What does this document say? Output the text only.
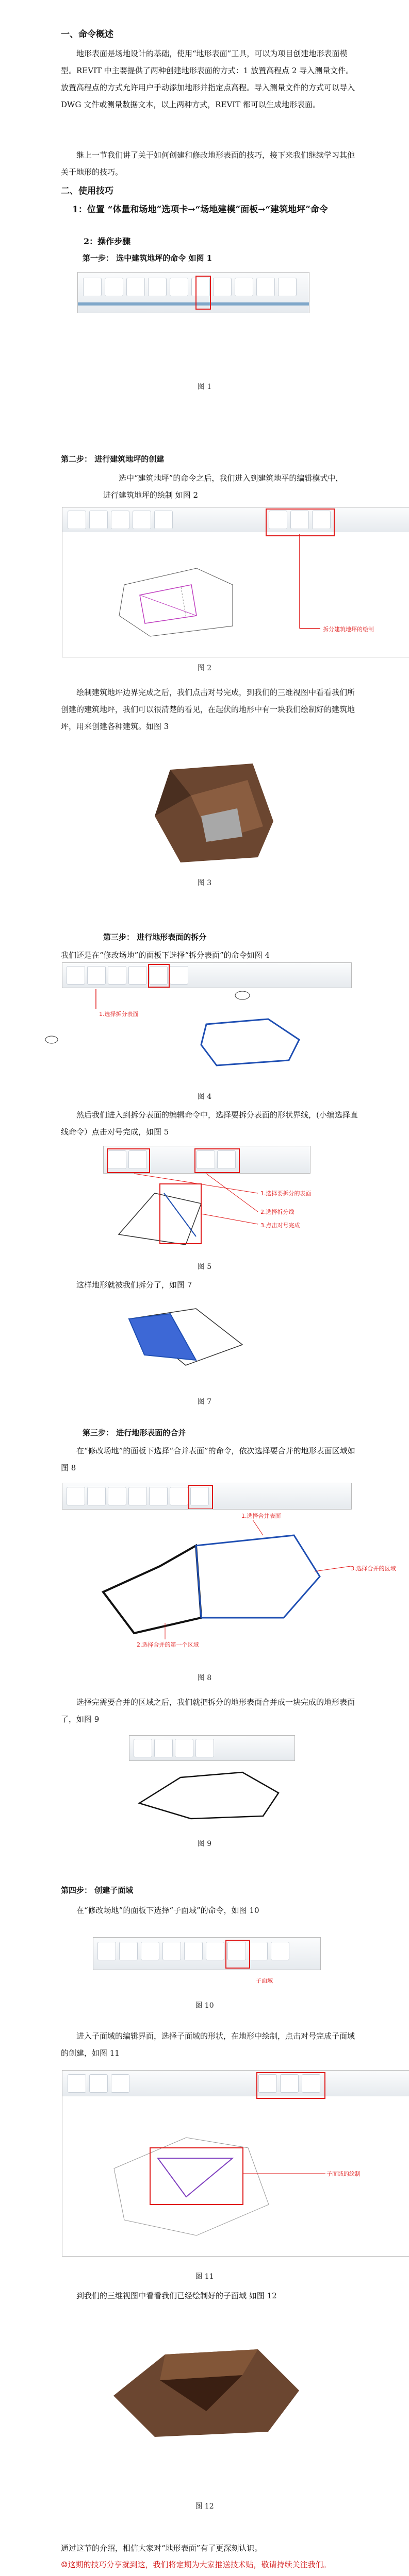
一、命令概述
地形表面是场地设计的基础，使用“地形表面”工具，可以为项目创建地形表面模型。REVIT 中主要提供了两种创建地形表面的方式：1 放置高程点 2 导入测量文件。放置高程点的方式允许用户手动添加地形并指定点高程。导入测量文件的方式可以导入 DWG 文件或测量数据文本，以上两种方式，REVIT 都可以生成地形表面。
继上一节我们讲了关于如何创建和修改地形表面的技巧，接下来我们继续学习其他关于地形的技巧。
二、使用技巧
1：位置 “体量和场地”选项卡→“场地建模”面板→“建筑地坪”命令
2：操作步骤
第一步： 选中建筑地坪的命令 如图 1
图 1
第二步： 进行建筑地坪的创建
选中“建筑地坪”的命令之后，我们进入到建筑地平的编辑模式中，进行建筑地坪的绘制 如图 2
拆分建筑地坪的绘制
图 2
绘制建筑地坪边界完成之后，我们点击对号完成，到我们的三维视图中看看我们所创建的建筑地坪，我们可以很清楚的看见，在起伏的地形中有一块我们绘制好的建筑地坪，用来创建各种建筑。如图 3
图 3
第三步： 进行地形表面的拆分
我们还是在“修改场地”的面板下选择“拆分表面”的命令如图 4
1.选择拆分表面
图 4
然后我们进入到拆分表面的编辑命令中，选择要拆分表面的形状界线，(小编选择直线命令）点击对号完成，如图 5
1.选择要拆分的表面
2.选择拆分线
3.点击对号完成
图 5
这样地形就被我们拆分了，如图 7
图 7
第三步： 进行地形表面的合并
在“修改场地”的面板下选择“合并表面”的命令，依次选择要合并的地形表面区域如图 8
1.选择合并表面
3.选择合并的区域
2.选择合并的第一个区域
图 8
选择完需要合并的区域之后，我们就把拆分的地形表面合并成一块完成的地形表面了，如图 9
图 9
第四步： 创建子面域
在“修改场地”的面板下选择“子面域”的命令，如图 10
子面域
图 10
进入子面域的编辑界面，选择子面域的形状，在地形中绘制，点击对号完成子面域的创建，如图 11
子面域的绘制
图 11
到我们的三维视图中看看我们已经绘制好的子面域 如图 12
图 12
通过这节的介绍，相信大家对“地形表面”有了更深刻认识。
☺这期的技巧分享就到这，我们将定期为大家推送技术贴，敬请持续关注我们。
